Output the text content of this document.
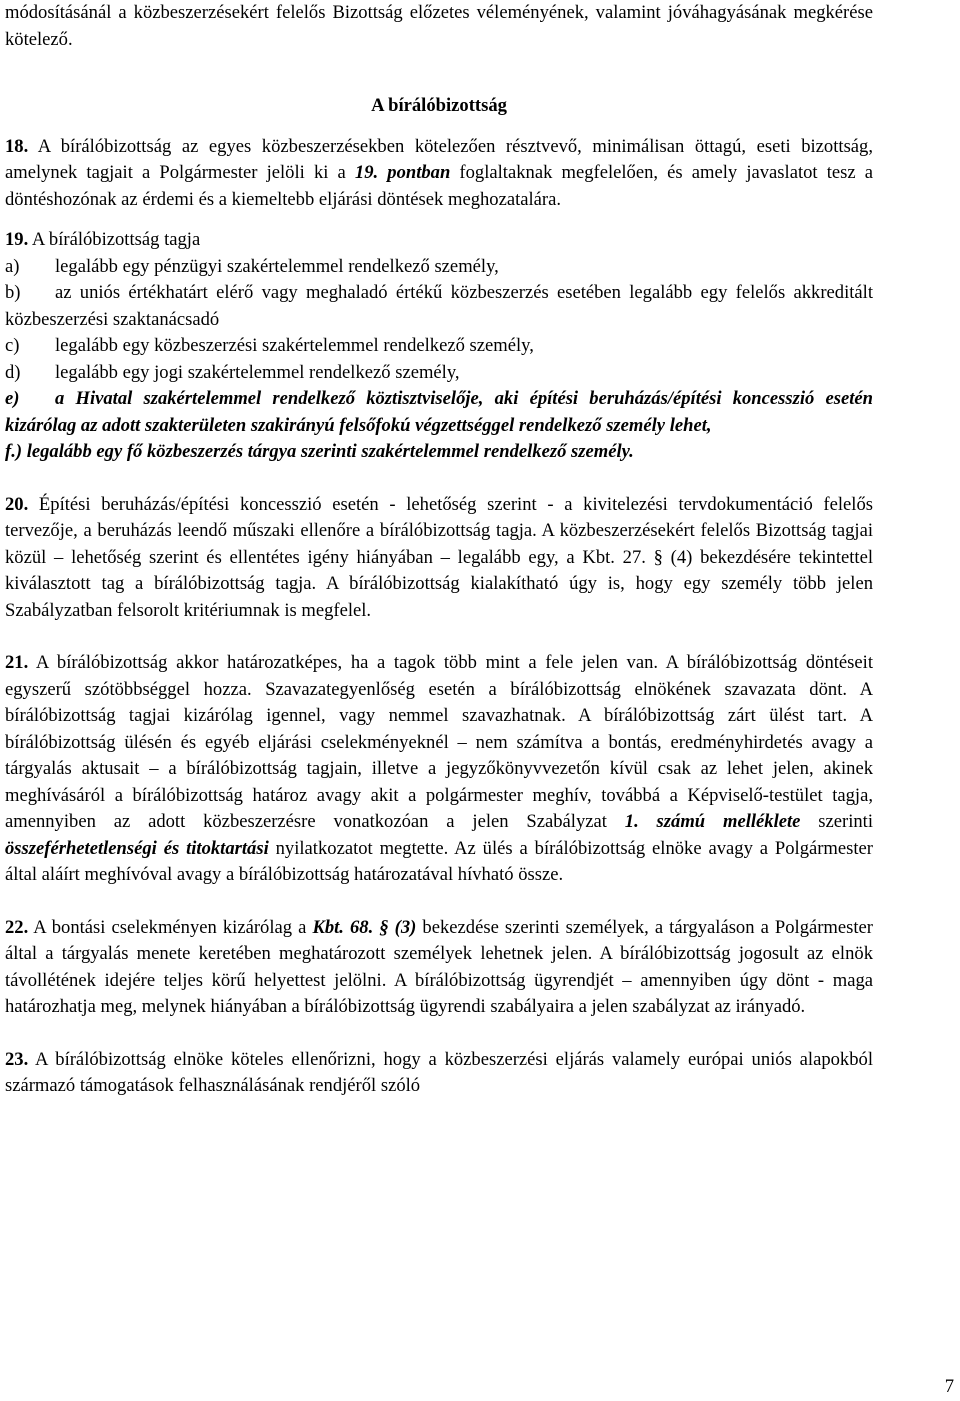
módosításánál a közbeszerzésekért felelős Bizottság előzetes véleményének, valamint jóváhagyásának megkérése kötelező.

A bírálóbizottság

18. A bírálóbizottság az egyes közbeszerzésekben kötelezően résztvevő, minimálisan öttagú, eseti bizottság, amelynek tagjait a Polgármester jelöli ki a 19. pontban foglaltaknak megfelelően, és amely javaslatot tesz a döntéshozónak az érdemi és a kiemeltebb eljárási döntések meghozatalára.

19. A bírálóbizottság tagja

a) legalább egy pénzügyi szakértelemmel rendelkező személy,

b) az uniós értékhatárt elérő vagy meghaladó értékű közbeszerzés esetében legalább egy felelős akkreditált közbeszerzési szaktanácsadó

c) legalább egy közbeszerzési szakértelemmel rendelkező személy,

d) legalább egy jogi szakértelemmel rendelkező személy,

e) a Hivatal szakértelemmel rendelkező köztisztviselője, aki építési beruházás/építési koncesszió esetén kizárólag az adott szakterületen szakirányú felsőfokú végzettséggel rendelkező személy lehet,

f.) legalább egy fő közbeszerzés tárgya szerinti szakértelemmel rendelkező személy.

20. Építési beruházás/építési koncesszió esetén - lehetőség szerint - a kivitelezési tervdokumentáció felelős tervezője, a beruházás leendő műszaki ellenőre a bírálóbizottság tagja. A közbeszerzésekért felelős Bizottság tagjai közül – lehetőség szerint és ellentétes igény hiányában – legalább egy, a Kbt. 27. § (4) bekezdésére tekintettel kiválasztott tag a bírálóbizottság tagja. A bírálóbizottság kialakítható úgy is, hogy egy személy több jelen Szabályzatban felsorolt kritériumnak is megfelel.

21. A bírálóbizottság akkor határozatképes, ha a tagok több mint a fele jelen van. A bírálóbizottság döntéseit egyszerű szótöbbséggel hozza. Szavazategyenlőség esetén a bírálóbizottság elnökének szavazata dönt. A bírálóbizottság tagjai kizárólag igennel, vagy nemmel szavazhatnak. A bírálóbizottság zárt ülést tart. A bírálóbizottság ülésén és egyéb eljárási cselekményeknél – nem számítva a bontás, eredményhirdetés avagy a tárgyalás aktusait – a bírálóbizottság tagjain, illetve a jegyzőkönyvvezetőn kívül csak az lehet jelen, akinek meghívásáról a bírálóbizottság határoz avagy akit a polgármester meghív, továbbá a Képviselő-testület tagja, amennyiben az adott közbeszerzésre vonatkozóan a jelen Szabályzat 1. számú melléklete szerinti összeférhetetlenségi és titoktartási nyilatkozatot megtette. Az ülés a bírálóbizottság elnöke avagy a Polgármester által aláírt meghívóval avagy a bírálóbizottság határozatával hívható össze.

22. A bontási cselekményen kizárólag a Kbt. 68. § (3) bekezdése szerinti személyek, a tárgyaláson a Polgármester által a tárgyalás menete keretében meghatározott személyek lehetnek jelen. A bírálóbizottság jogosult az elnök távollétének idejére teljes körű helyettest jelölni. A bírálóbizottság ügyrendjét – amennyiben úgy dönt - maga határozhatja meg, melynek hiányában a bírálóbizottság ügyrendi szabályaira a jelen szabályzat az irányadó.

23. A bírálóbizottság elnöke köteles ellenőrizni, hogy a közbeszerzési eljárás valamely európai uniós alapokból származó támogatások felhasználásának rendjéről szóló

7
